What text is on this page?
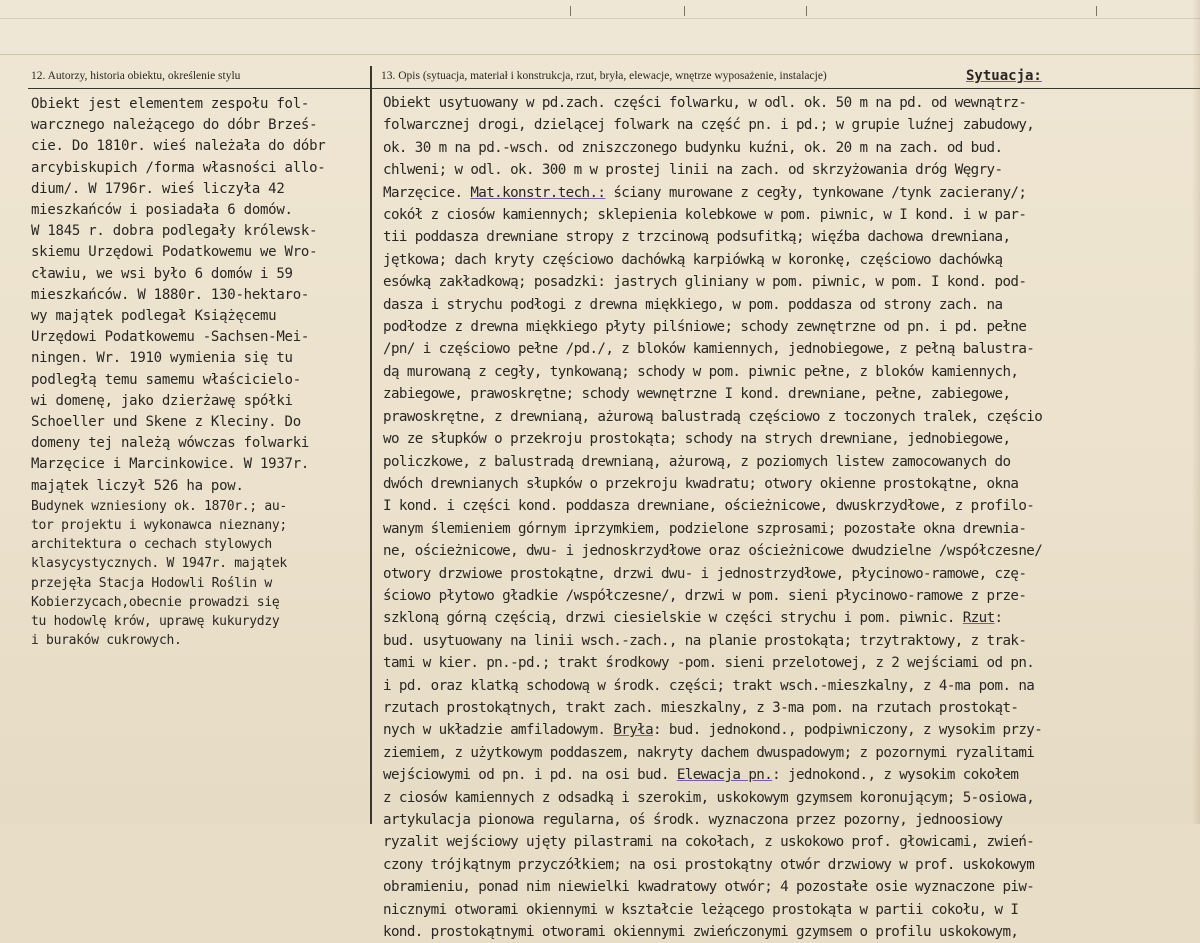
12. Autorzy, historia obiektu, określenie stylu	13. Opis (sytuacja, materiał i konstrukcja, rzut, bryła, elewacje, wnętrze wyposażenie, instalacje)	Sytuacja:
Obiekt jest elementem zespołu fol-
warcznego należącego do dóbr Brześ-
cie. Do 1810r. wieś należała do dóbr
arcybiskupich /forma własności allo-
dium/. W 1796r. wieś liczyła 42
mieszkańców i posiadała 6 domów.
W 1845 r. dobra podlegały królewsk-
skiemu Urzędowi Podatkowemu we Wro-
cławiu, we wsi było 6 domów i 59
mieszkańców. W 1880r. 130-hektaro-
wy majątek podlegał Książęcemu
Urzędowi Podatkowemu -Sachsen-Mei-
ningen. Wr. 1910 wymienia się tu
podległą temu samemu właścicielo-
wi domenę, jako dzierżawę spółki
Schoeller und Skene z Kleciny. Do
domeny tej należą wówczas folwarki
Marzęcice i Marcinkowice. W 1937r.
majątek liczył 526 ha pow.
Budynek wzniesiony ok. 1870r.; au-
tor projektu i wykonawca nieznany;
architektura o cechach stylowych
klasycystycznych. W 1947r. majątek
przejęła Stacja Hodowli Roślin w
Kobierzycach,obecnie prowadzi się
tu hodowlę krów, uprawę kukurydzy
i buraków cukrowych.
Obiekt usytuowany w pd.zach. części folwarku, w odl. ok. 50 m na pd. od wewnątrz-
folwarcznej drogi, dzielącej folwark na część pn. i pd.; w grupie luźnej zabudowy,
ok. 30 m na pd.-wsch. od zniszczonego budynku kuźni, ok. 20 m na zach. od bud.
chlweni; w odl. ok. 300 m w prostej linii na zach. od skrzyżowania dróg Węgry-
Marzęcice. Mat.konstr.tech.: ściany murowane z cegły, tynkowane /tynk zacierany/;
cokół z ciosów kamiennych; sklepienia kolebkowe w pom. piwnic, w I kond. i w par-
tii poddasza drewniane stropy z trzcinową podsufitką; więźba dachowa drewniana,
jętkowa; dach kryty częściowo dachówką karpiówką w koronkę, częściowo dachówką
esówką zakładkową; posadzki: jastrych gliniany w pom. piwnic, w pom. I kond. pod-
dasza i strychu podłogi z drewna miękkiego, w pom. poddasza od strony zach. na
podłodze z drewna miękkiego płyty pilśniowe; schody zewnętrzne od pn. i pd. pełne
/pn/ i częściowo pełne /pd./, z bloków kamiennych, jednobiegowe, z pełną balustra-
dą murowaną z cegły, tynkowaną; schody w pom. piwnic pełne, z bloków kamiennych,
zabiegowe, prawoskrętne; schody wewnętrzne I kond. drewniane, pełne, zabiegowe,
prawoskrętne, z drewnianą, ażurową balustradą częściowo z toczonych tralek, częścio
wo ze słupków o przekroju prostokąta; schody na strych drewniane, jednobiegowe,
policzkowe, z balustradą drewnianą, ażurową, z poziomych listew zamocowanych do
dwóch drewnianych słupków o przekroju kwadratu; otwory okienne prostokątne, okna
I kond. i części kond. poddasza drewniane, ościeżnicowe, dwuskrzydłowe, z profilo-
wanym ślemieniem górnym iprzymkiem, podzielone szprosami; pozostałe okna drewnia-
ne, ościeżnicowe, dwu- i jednoskrzydłowe oraz ościeżnicowe dwudzielne /współczesne/
otwory drzwiowe prostokątne, drzwi dwu- i jednostrzydłowe, płycinowo-ramowe, czę-
ściowo płytowo gładkie /współczesne/, drzwi w pom. sieni płycinowo-ramowe z prze-
szkloną górną częścią, drzwi ciesielskie w części strychu i pom. piwnic. Rzut:
bud. usytuowany na linii wsch.-zach., na planie prostokąta; trzytraktowy, z trak-
tami w kier. pn.-pd.; trakt środkowy -pom. sieni przelotowej, z 2 wejściami od pn.
i pd. oraz klatką schodową w środk. części; trakt wsch.-mieszkalny, z 4-ma pom. na
rzutach prostokątnych, trakt zach. mieszkalny, z 3-ma pom. na rzutach prostokąt-
nych w układzie amfiladowym. Bryła: bud. jednokond., podpiwniczony, z wysokim przy-
ziemiem, z użytkowym poddaszem, nakryty dachem dwuspadowym; z pozornymi ryzalitami
wejściowymi od pn. i pd. na osi bud. Elewacja pn.: jednokond., z wysokim cokołem
z ciosów kamiennych z odsadką i szerokim, uskokowym gzymsem koronującym; 5-osiowa,
artykulacja pionowa regularna, oś środk. wyznaczona przez pozorny, jednoosiowy
ryzalit wejściowy ujęty pilastrami na cokołach, z uskokowo prof. głowicami, zwień-
czony trójkątnym przyczółkiem; na osi prostokątny otwór drzwiowy w prof. uskokowym
obramieniu, ponad nim niewielki kwadratowy otwór; 4 pozostałe osie wyznaczone piw-
nicznymi otworami okiennymi w kształcie leżącego prostokąta w partii cokołu, w I
kond. prostokątnymi otworami okiennymi zwieńczonymi gzymsem o profilu uskokowym,
